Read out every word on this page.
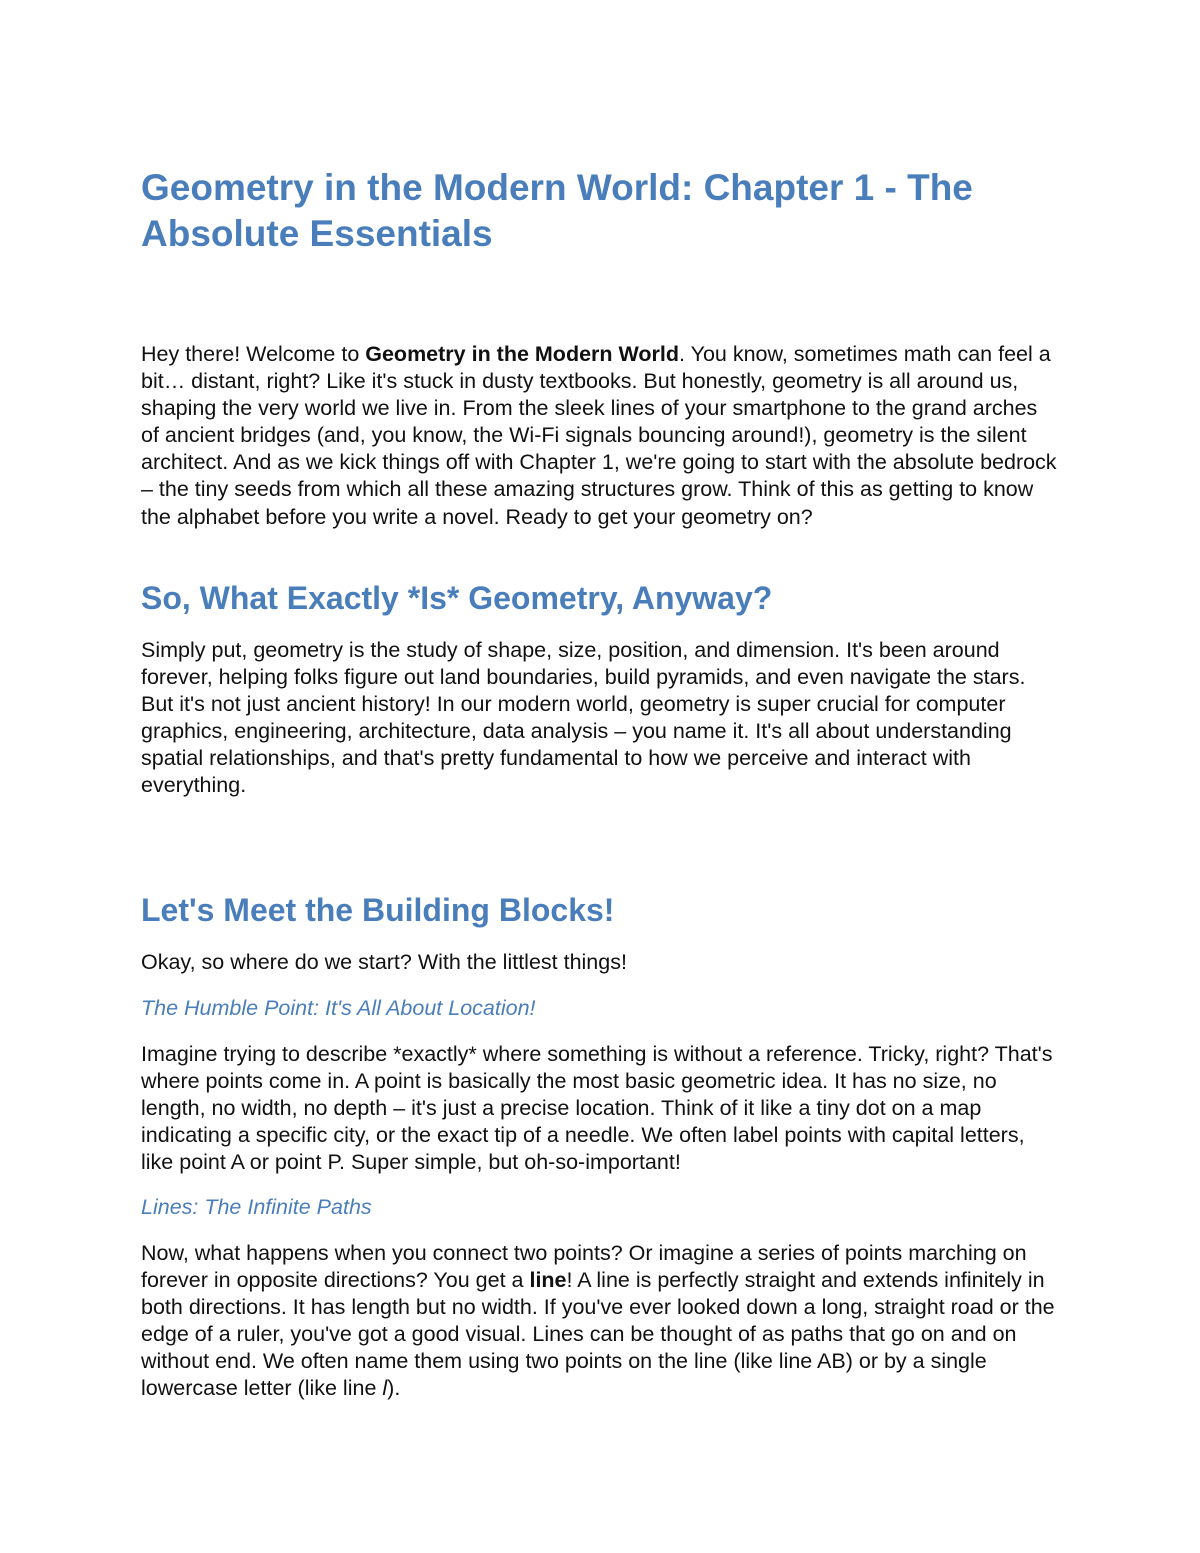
Geometry in the Modern World: Chapter 1 - The Absolute Essentials

Hey there! Welcome to Geometry in the Modern World. You know, sometimes math can feel a bit… distant, right? Like it's stuck in dusty textbooks. But honestly, geometry is all around us, shaping the very world we live in. From the sleek lines of your smartphone to the grand arches of ancient bridges (and, you know, the Wi-Fi signals bouncing around!), geometry is the silent architect. And as we kick things off with Chapter 1, we're going to start with the absolute bedrock – the tiny seeds from which all these amazing structures grow. Think of this as getting to know the alphabet before you write a novel. Ready to get your geometry on?

So, What Exactly *Is* Geometry, Anyway?

Simply put, geometry is the study of shape, size, position, and dimension. It's been around forever, helping folks figure out land boundaries, build pyramids, and even navigate the stars. But it's not just ancient history! In our modern world, geometry is super crucial for computer graphics, engineering, architecture, data analysis – you name it. It's all about understanding spatial relationships, and that's pretty fundamental to how we perceive and interact with everything.

Let's Meet the Building Blocks!

Okay, so where do we start? With the littlest things!

The Humble Point: It's All About Location!

Imagine trying to describe *exactly* where something is without a reference. Tricky, right? That's where points come in. A point is basically the most basic geometric idea. It has no size, no length, no width, no depth – it's just a precise location. Think of it like a tiny dot on a map indicating a specific city, or the exact tip of a needle. We often label points with capital letters, like point A or point P. Super simple, but oh-so-important!

Lines: The Infinite Paths

Now, what happens when you connect two points? Or imagine a series of points marching on forever in opposite directions? You get a line! A line is perfectly straight and extends infinitely in both directions. It has length but no width. If you've ever looked down a long, straight road or the edge of a ruler, you've got a good visual. Lines can be thought of as paths that go on and on without end. We often name them using two points on the line (like line AB) or by a single lowercase letter (like line l).
